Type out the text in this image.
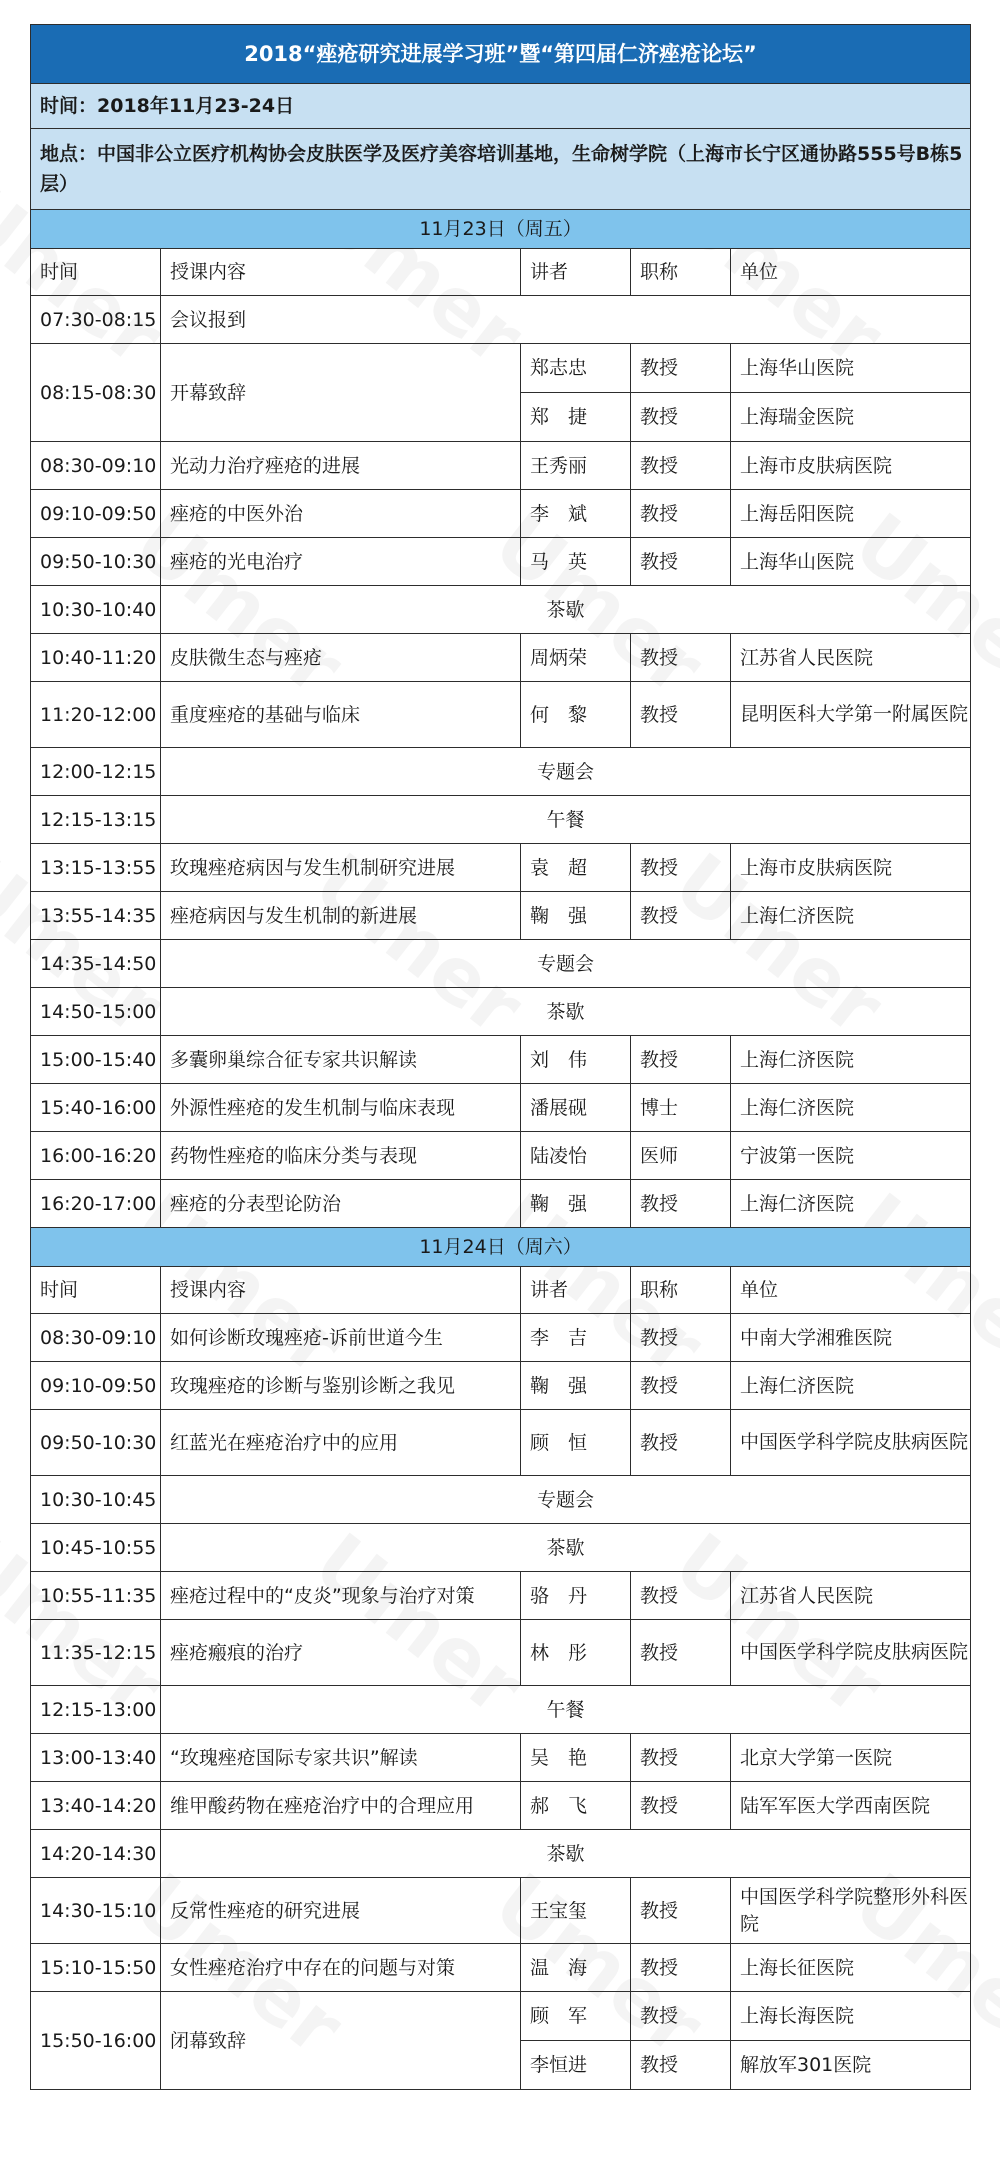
2018“痤疮研究进展学习班”暨“第四届仁济痤疮论坛”				
时间：2018年11月23-24日				
地点：中国非公立医疗机构协会皮肤医学及医疗美容培训基地，生命树学院（上海市长宁区通协路555号B栋5层）				
11月23日（周五）				
时间	授课内容	讲者	职称	单位
07:30-08:15	会议报到			
08:15-08:30	开幕致辞	郑志忠	教授	上海华山医院
		郑　捷	教授	上海瑞金医院
08:30-09:10	光动力治疗痤疮的进展	王秀丽	教授	上海市皮肤病医院
09:10-09:50	痤疮的中医外治	李　斌	教授	上海岳阳医院
09:50-10:30	痤疮的光电治疗	马　英	教授	上海华山医院
10:30-10:40	茶歇			
10:40-11:20	皮肤微生态与痤疮	周炳荣	教授	江苏省人民医院
11:20-12:00	重度痤疮的基础与临床	何　黎	教授	昆明医科大学第一附属医院
12:00-12:15	专题会			
12:15-13:15	午餐			
13:15-13:55	玫瑰痤疮病因与发生机制研究进展	袁　超	教授	上海市皮肤病医院
13:55-14:35	痤疮病因与发生机制的新进展	鞠　强	教授	上海仁济医院
14:35-14:50	专题会			
14:50-15:00	茶歇			
15:00-15:40	多囊卵巢综合征专家共识解读	刘　伟	教授	上海仁济医院
15:40-16:00	外源性痤疮的发生机制与临床表现	潘展砚	博士	上海仁济医院
16:00-16:20	药物性痤疮的临床分类与表现	陆凌怡	医师	宁波第一医院
16:20-17:00	痤疮的分表型论防治	鞠　强	教授	上海仁济医院
11月24日（周六）				
时间	授课内容	讲者	职称	单位
08:30-09:10	如何诊断玫瑰痤疮-诉前世道今生	李　吉	教授	中南大学湘雅医院
09:10-09:50	玫瑰痤疮的诊断与鉴别诊断之我见	鞠　强	教授	上海仁济医院
09:50-10:30	红蓝光在痤疮治疗中的应用	顾　恒	教授	中国医学科学院皮肤病医院
10:30-10:45	专题会			
10:45-10:55	茶歇			
10:55-11:35	痤疮过程中的“皮炎”现象与治疗对策	骆　丹	教授	江苏省人民医院
11:35-12:15	痤疮瘢痕的治疗	林　彤	教授	中国医学科学院皮肤病医院
12:15-13:00	午餐			
13:00-13:40	“玫瑰痤疮国际专家共识”解读	吴　艳	教授	北京大学第一医院
13:40-14:20	维甲酸药物在痤疮治疗中的合理应用	郝　飞	教授	陆军军医大学西南医院
14:20-14:30	茶歇			
14:30-15:10	反常性痤疮的研究进展	王宝玺	教授	中国医学科学院整形外科医院
15:10-15:50	女性痤疮治疗中存在的问题与对策	温　海	教授	上海长征医院
15:50-16:00	闭幕致辞	顾　军	教授	上海长海医院
		李恒进	教授	解放军301医院
